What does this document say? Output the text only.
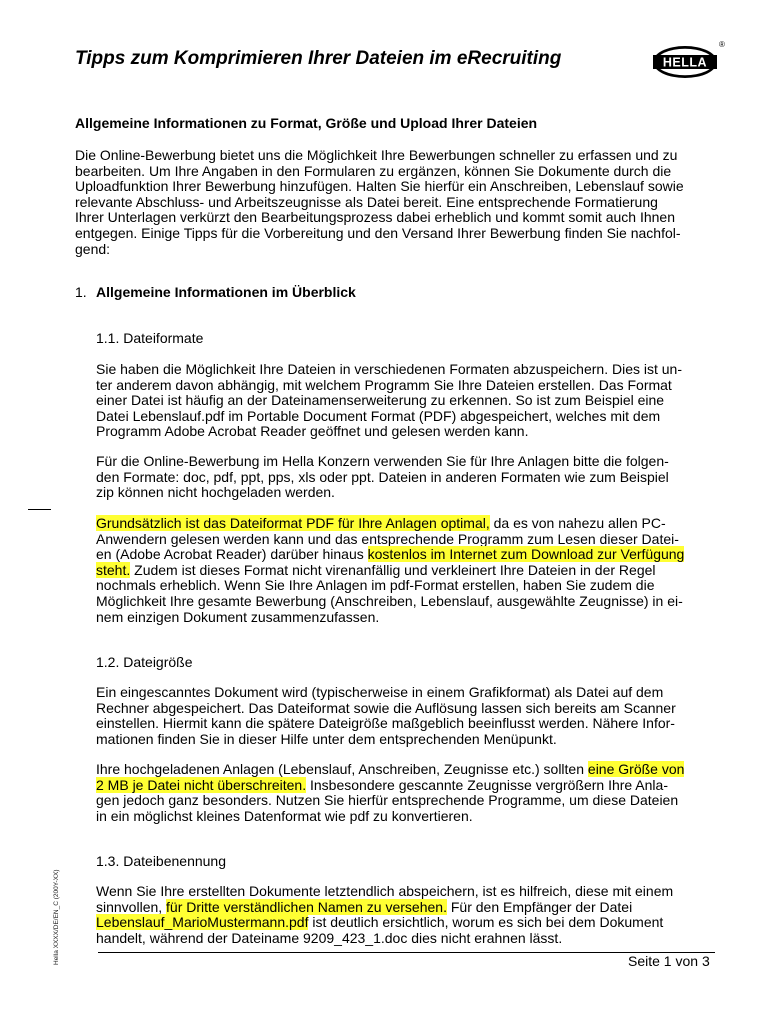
Tipps zum Komprimieren Ihrer Dateien im eRecruiting	HELLA
®
Allgemeine Informationen zu Format, Größe und Upload Ihrer Dateien
Die Online-Bewerbung bietet uns die Möglichkeit Ihre Bewerbungen schneller zu erfassen und zu
bearbeiten. Um Ihre Angaben in den Formularen zu ergänzen, können Sie Dokumente durch die
Uploadfunktion Ihrer Bewerbung hinzufügen. Halten Sie hierfür ein Anschreiben, Lebenslauf sowie
relevante Abschluss- und Arbeitszeugnisse als Datei bereit. Eine entsprechende Formatierung
Ihrer Unterlagen verkürzt den Bearbeitungsprozess dabei erheblich und kommt somit auch Ihnen
entgegen. Einige Tipps für die Vorbereitung und den Versand Ihrer Bewerbung finden Sie nachfol-
gend:
1. Allgemeine Informationen im Überblick
1.1. Dateiformate
Sie haben die Möglichkeit Ihre Dateien in verschiedenen Formaten abzuspeichern. Dies ist un-
ter anderem davon abhängig, mit welchem Programm Sie Ihre Dateien erstellen. Das Format
einer Datei ist häufig an der Dateinamenserweiterung zu erkennen. So ist zum Beispiel eine
Datei Lebenslauf.pdf im Portable Document Format (PDF) abgespeichert, welches mit dem
Programm Adobe Acrobat Reader geöffnet und gelesen werden kann.
Für die Online-Bewerbung im Hella Konzern verwenden Sie für Ihre Anlagen bitte die folgen-
den Formate: doc, pdf, ppt, pps, xls oder ppt. Dateien in anderen Formaten wie zum Beispiel
zip können nicht hochgeladen werden.
Grundsätzlich ist das Dateiformat PDF für Ihre Anlagen optimal, da es von nahezu allen PC-
Anwendern gelesen werden kann und das entsprechende Programm zum Lesen dieser Datei-
en (Adobe Acrobat Reader) darüber hinaus kostenlos im Internet zum Download zur Verfügung
steht. Zudem ist dieses Format nicht virenanfällig und verkleinert Ihre Dateien in der Regel
nochmals erheblich. Wenn Sie Ihre Anlagen im pdf-Format erstellen, haben Sie zudem die
Möglichkeit Ihre gesamte Bewerbung (Anschreiben, Lebenslauf, ausgewählte Zeugnisse) in ei-
nem einzigen Dokument zusammenzufassen.
1.2. Dateigröße
Ein eingescanntes Dokument wird (typischerweise in einem Grafikformat) als Datei auf dem
Rechner abgespeichert. Das Dateiformat sowie die Auflösung lassen sich bereits am Scanner
einstellen. Hiermit kann die spätere Dateigröße maßgeblich beeinflusst werden. Nähere Infor-
mationen finden Sie in dieser Hilfe unter dem entsprechenden Menüpunkt.
Ihre hochgeladenen Anlagen (Lebenslauf, Anschreiben, Zeugnisse etc.) sollten eine Größe von
2 MB je Datei nicht überschreiten. Insbesondere gescannte Zeugnisse vergrößern Ihre Anla-
gen jedoch ganz besonders. Nutzen Sie hierfür entsprechende Programme, um diese Dateien
in ein möglichst kleines Datenformat wie pdf zu konvertieren.
1.3. Dateibenennung
Wenn Sie Ihre erstellten Dokumente letztendlich abspeichern, ist es hilfreich, diese mit einem
sinnvollen, für Dritte verständlichen Namen zu versehen. Für den Empfänger der Datei
Lebenslauf_MarioMustermann.pdf ist deutlich ersichtlich, worum es sich bei dem Dokument
handelt, während der Dateiname 9209_423_1.doc dies nicht erahnen lässt.
Hella XXXX/DE/EN_C (200Y-XX)	Seite 1 von 3
